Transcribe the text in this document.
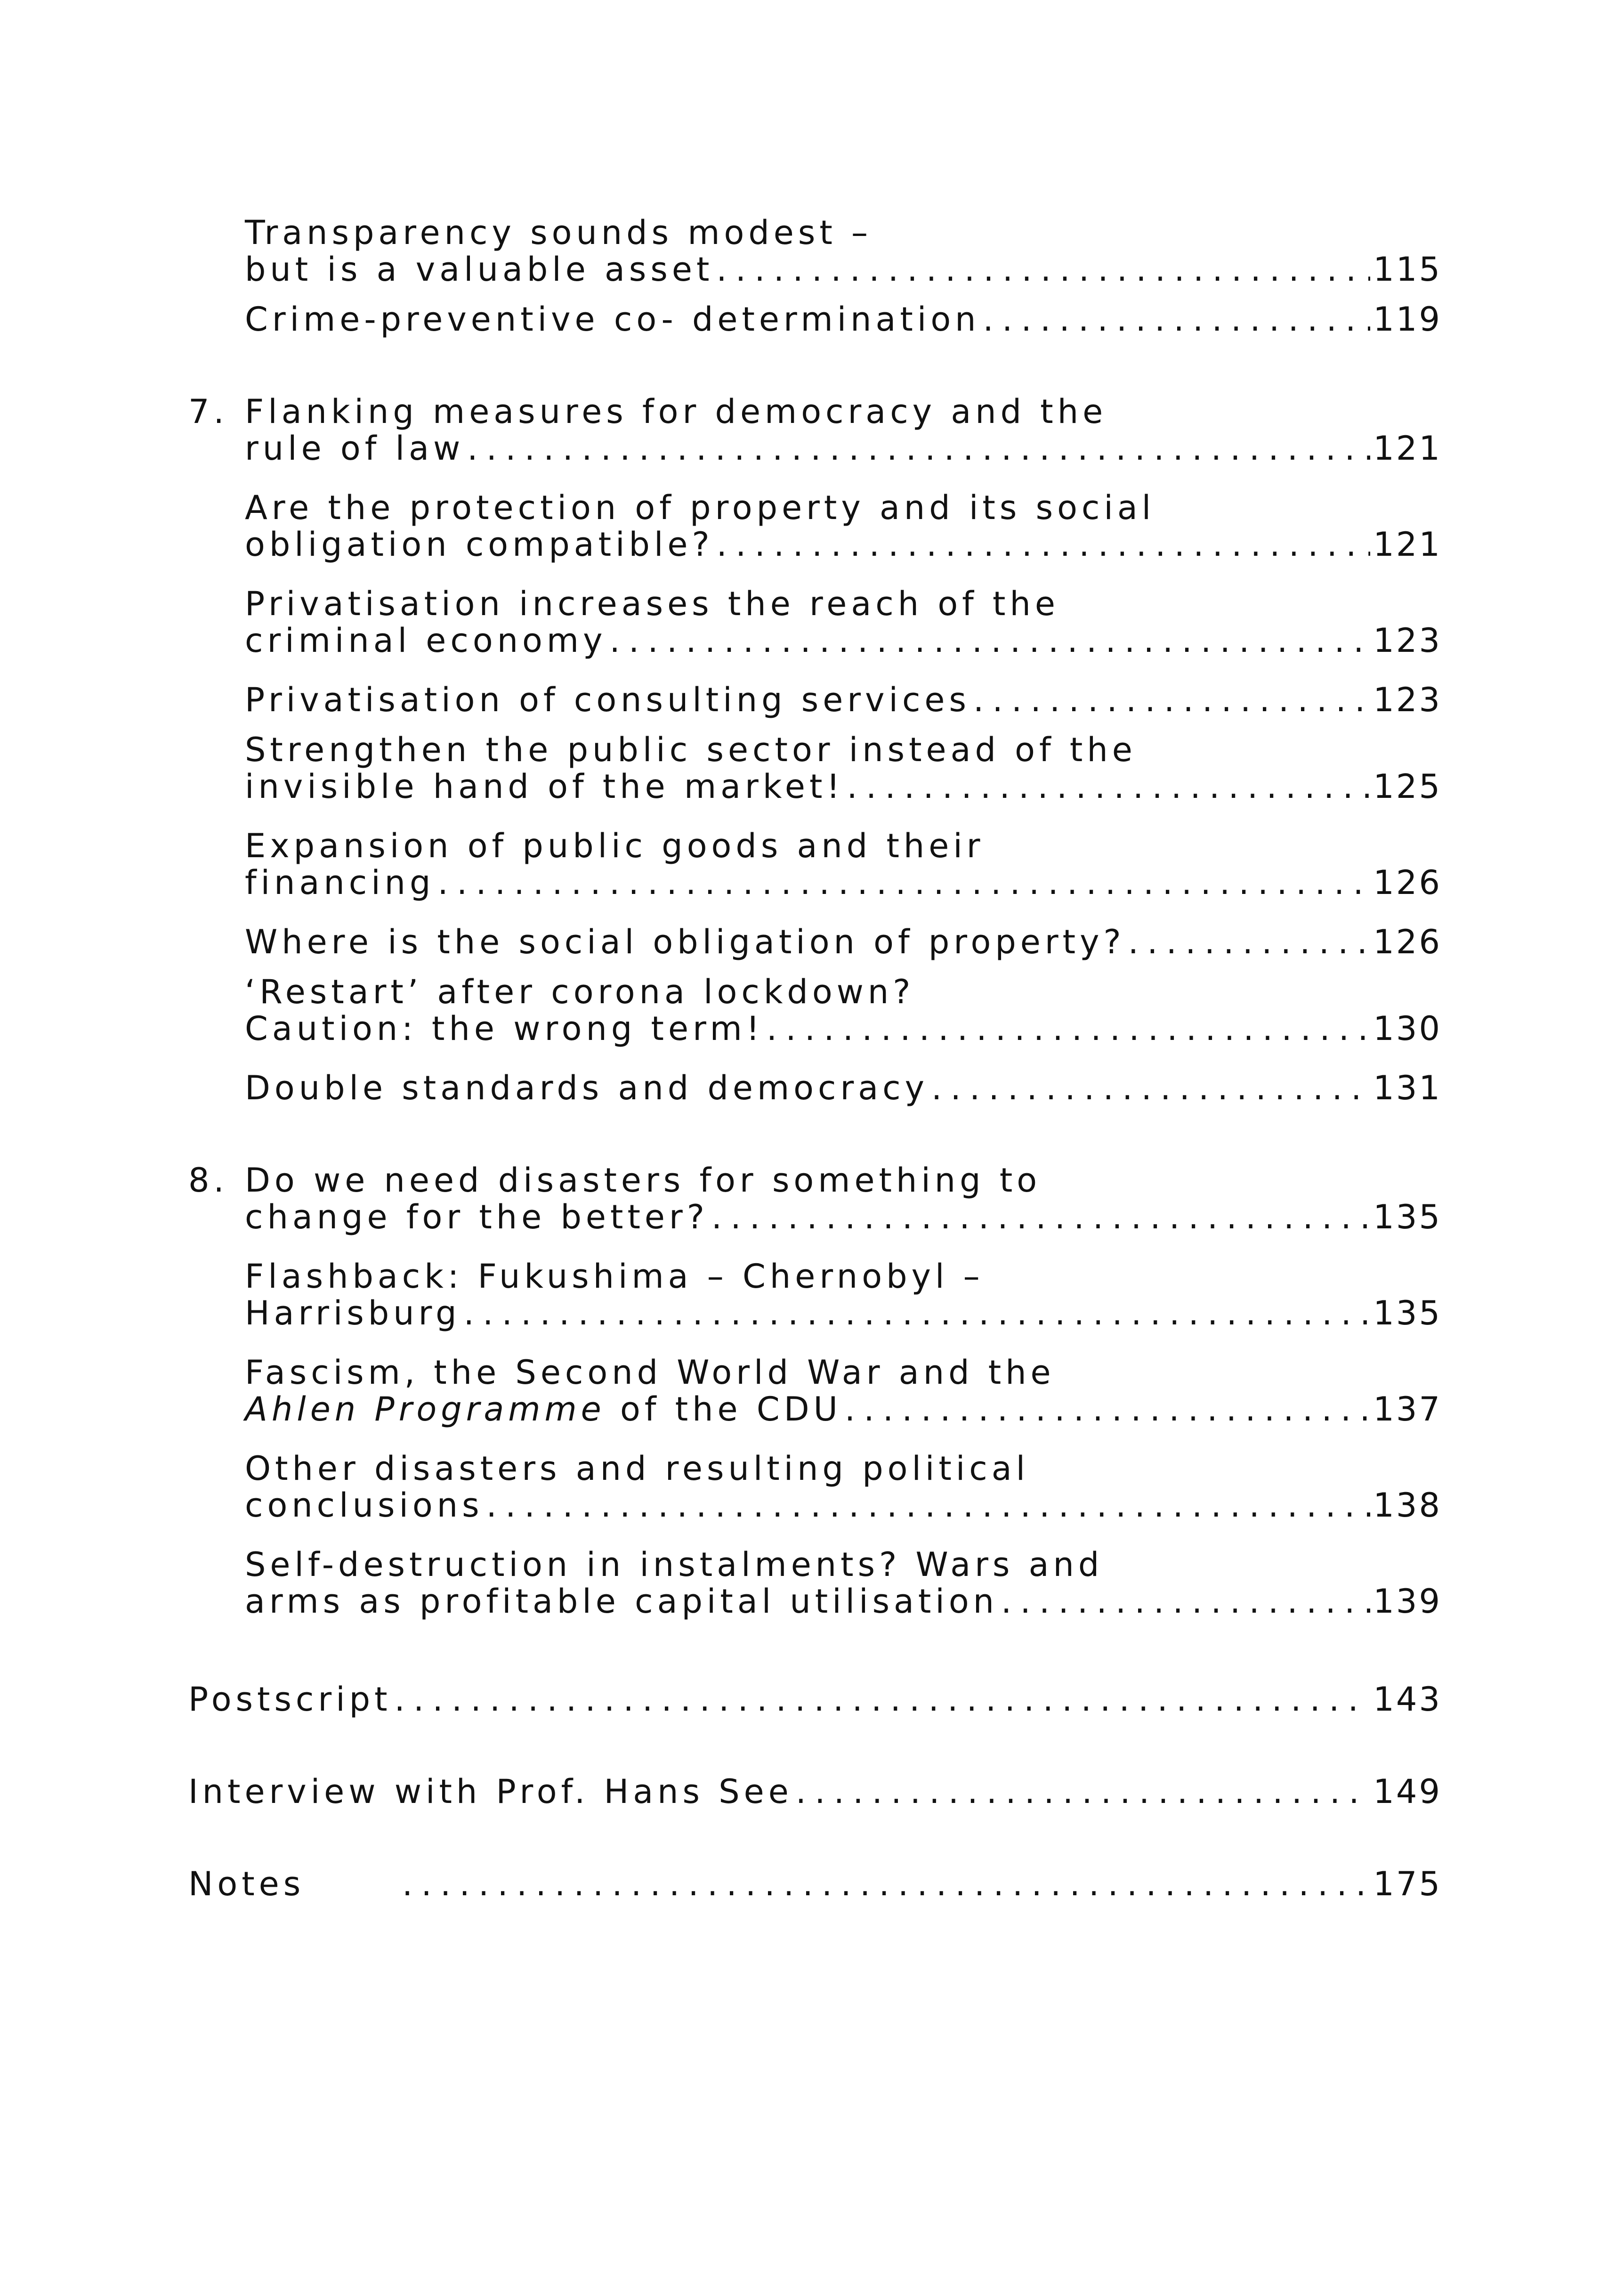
Transparency sounds modest –
but is a valuable asset . . .	115
Crime-preventive co- determination . . .	119
7. Flanking measures for democracy and the
rule of law . . .	121
Are the protection of property and its social
obligation compatible? . . .	121
Privatisation increases the reach of the
criminal economy . . .	123
Privatisation of consulting services . . .	123
Strengthen the public sector instead of the
invisible hand of the market! . . .	125
Expansion of public goods and their
financing . . .	126
Where is the social obligation of property? . . .	126
‘Restart’ after corona lockdown?
Caution: the wrong term! . . .	130
Double standards and democracy . . .	131
8. Do we need disasters for something to
change for the better? . . .	135
Flashback: Fukushima – Chernobyl –
Harrisburg . . .	135
Fascism, the Second World War and the
Ahlen Programme of the CDU . . .	137
Other disasters and resulting political
conclusions . . .	138
Self-destruction in instalments? Wars and
arms as profitable capital utilisation . . .	139
Postscript . . .	143
Interview with Prof. Hans See . . .	149
Notes . . .	175
